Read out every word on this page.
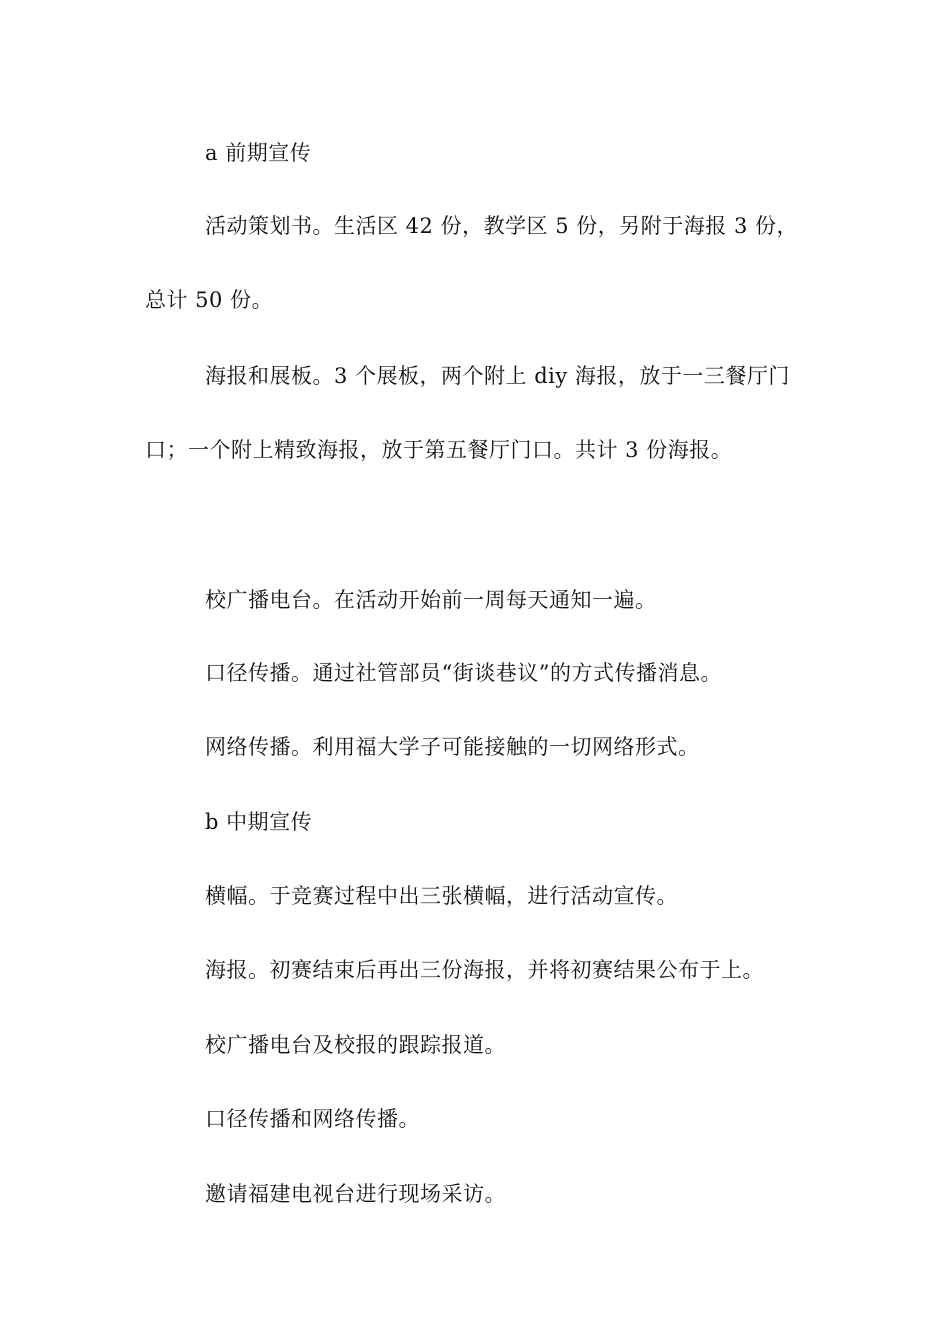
a 前期宣传

活动策划书。生活区 42 份，教学区 5 份，另附于海报 3 份，总计 50 份。

海报和展板。3 个展板，两个附上 diy 海报，放于一三餐厅门口；一个附上精致海报，放于第五餐厅门口。共计 3 份海报。

校广播电台。在活动开始前一周每天通知一遍。

口径传播。通过社管部员“街谈巷议”的方式传播消息。

网络传播。利用福大学子可能接触的一切网络形式。

b 中期宣传

横幅。于竞赛过程中出三张横幅，进行活动宣传。

海报。初赛结束后再出三份海报，并将初赛结果公布于上。

校广播电台及校报的跟踪报道。

口径传播和网络传播。

邀请福建电视台进行现场采访。
